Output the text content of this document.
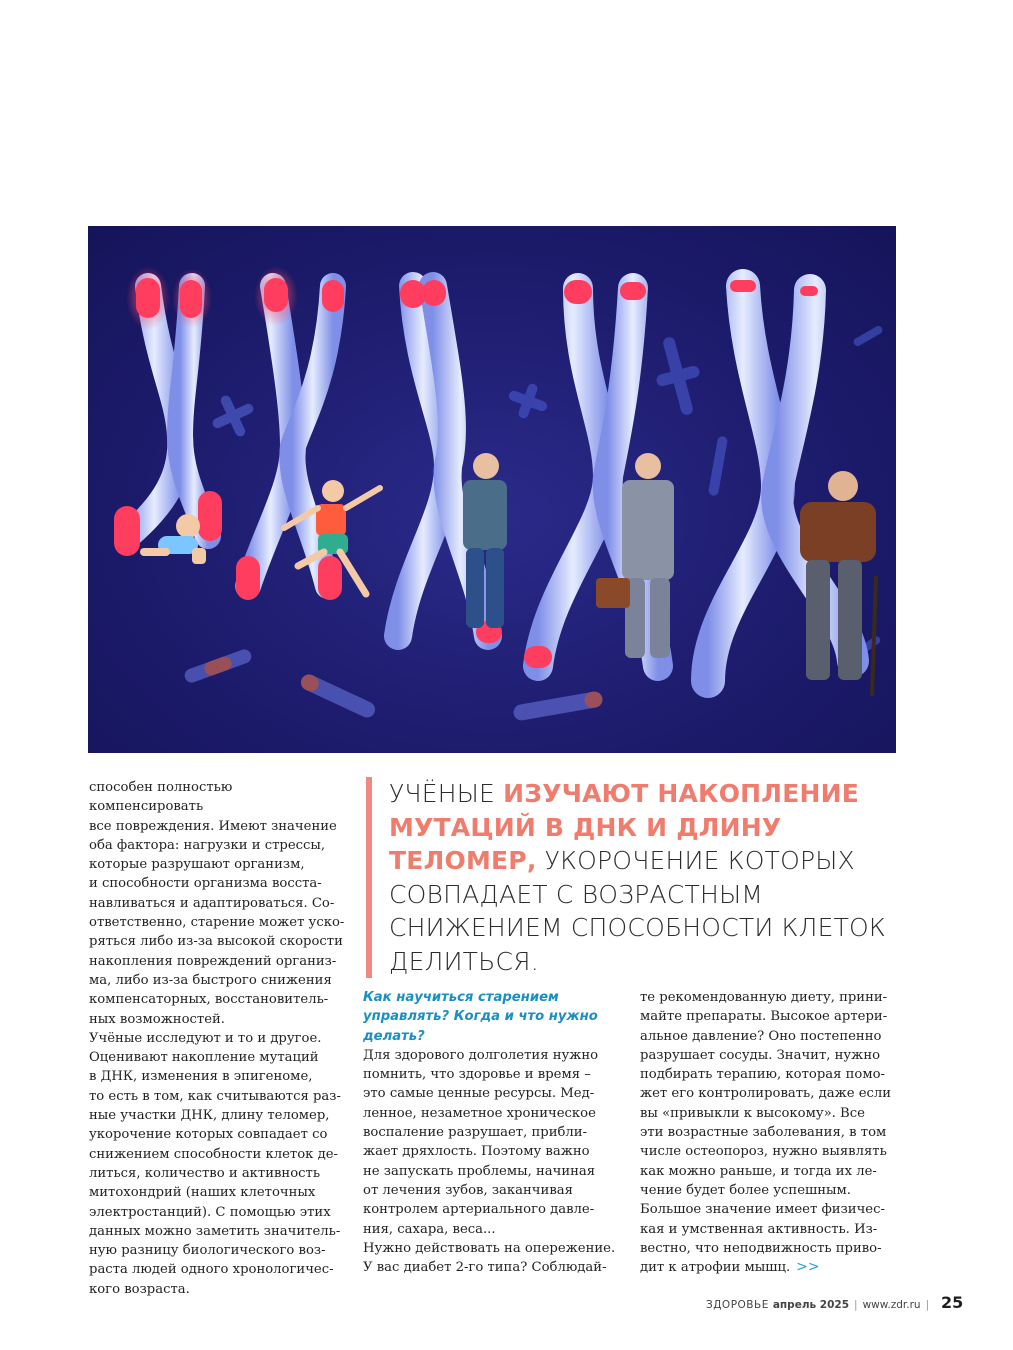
способен полностью компенсировать
все повреждения. Имеют значение
оба фактора: нагрузки и стрессы,
которые разрушают организм,
и способности организма восста-
навливаться и адаптироваться. Со-
ответственно, старение может уско-
ряться либо из-за высокой скорости
накопления повреждений организ-
ма, либо из-за быстрого снижения
компенсаторных, восстановитель-
ных возможностей.

Учёные исследуют и то и другое.
Оценивают накопление мутаций
в ДНК, изменения в эпигеноме,
то есть в том, как считываются раз-
ные участки ДНК, длину теломер,
укорочение которых совпадает со
снижением способности клеток де-
литься, количество и активность
митохондрий (наших клеточных
электростанций). С помощью этих
данных можно заметить значитель-
ную разницу биологического воз-
раста людей одного хронологичес-
кого возраста.

УЧЁНЫЕ ИЗУЧАЮТ НАКОПЛЕНИЕ МУТАЦИЙ В ДНК И ДЛИНУ ТЕЛОМЕР, УКОРОЧЕНИЕ КОТОРЫХ СОВПАДАЕТ С ВОЗРАСТНЫМ СНИЖЕНИЕМ СПОСОБНОСТИ КЛЕТОК ДЕЛИТЬСЯ.
Как научиться старением
управлять? Когда и что нужно
делать?

Для здорового долголетия нужно
помнить, что здоровье и время –
это самые ценные ресурсы. Мед-
ленное, незаметное хроническое
воспаление разрушает, прибли-
жает дряхлость. Поэтому важно
не запускать проблемы, начиная
от лечения зубов, заканчивая
контролем артериального давле-
ния, сахара, веса...

Нужно действовать на опережение.
У вас диабет 2-го типа? Соблюдай-

те рекомендованную диету, прини-
майте препараты. Высокое артери-
альное давление? Оно постепенно
разрушает сосуды. Значит, нужно
подбирать терапию, которая помо-
жет его контролировать, даже если
вы «привыкли к высокому». Все
эти возрастные заболевания, в том
числе остеопороз, нужно выявлять
как можно раньше, и тогда их ле-
чение будет более успешным.
Большое значение имеет физичес-
кая и умственная активность. Из-
вестно, что неподвижность приво-
дит к атрофии мышц. >>

ЗДОРОВЬЕ апрель 2025 | www.zdr.ru | 25
